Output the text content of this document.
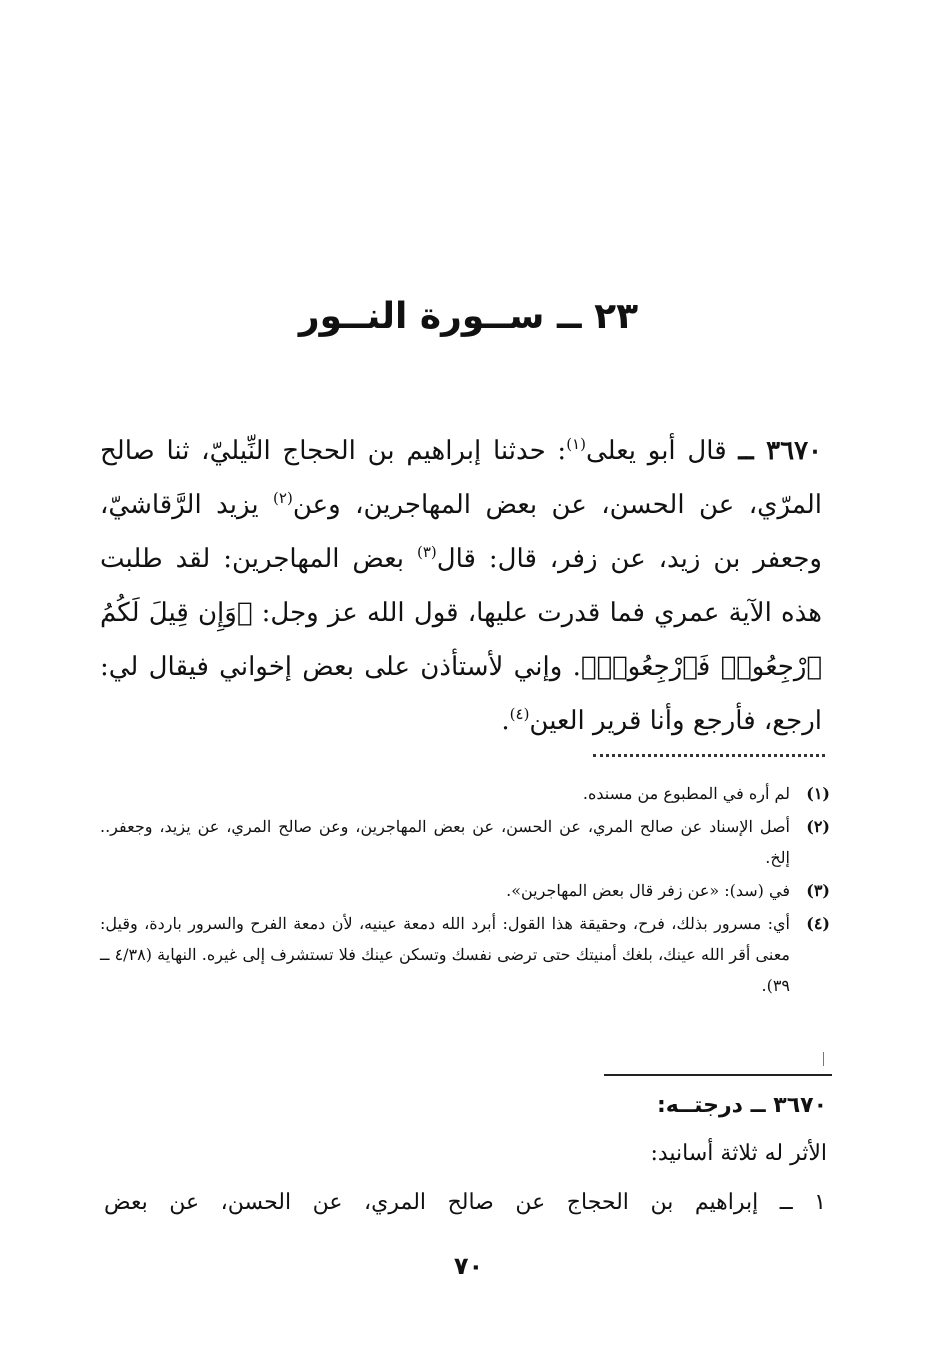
٢٣ ــ ســورة النــور

٣٦٧٠ ــ قال أبو يعلى$^{(١)}$: حدثنا إبراهيم بن الحجاج النِّيليّ، ثنا صالح المرّي، عن الحسن، عن بعض المهاجرين، وعن$^{(٢)}$ يزيد الرَّقاشيّ، وجعفر بن زيد، عن زفر، قال: قال$^{(٣)}$ بعض المهاجرين: لقد طلبت هذه الآية عمري فما قدرت عليها، قول الله عز وجل: ﴿وَإِن قِيلَ لَكُمُ ٱرْجِعُوا۟ فَٱرْجِعُوا۟﴾. وإني لأستأذن على بعض إخواني فيقال لي: ارجع، فأرجع وأنا قرير العين$^{(٤)}$.

(١)
لم أره في المطبوع من مسنده.
(٢)
أصل الإسناد عن صالح المري، عن الحسن، عن بعض المهاجرين، وعن صالح المري، عن يزيد، وجعفر.. إلخ.
(٣)
في (سد): «عن زفر قال بعض المهاجرين».
(٤)
أي: مسرور بذلك، فرح، وحقيقة هذا القول: أبرد الله دمعة عينيه، لأن دمعة الفرح والسرور باردة، وقيل: معنى أقر الله عينك، بلغك أمنيتك حتى ترضى نفسك وتسكن عينك فلا تستشرف إلى غيره. النهاية (٤/٣٨ ــ ٣٩).
٣٦٧٠ ــ درجتــه:
الأثر له ثلاثة أسانيد:
١ ــ إبراهيم بن الحجاج عن صالح المري، عن الحسن، عن بعض
٧٠
